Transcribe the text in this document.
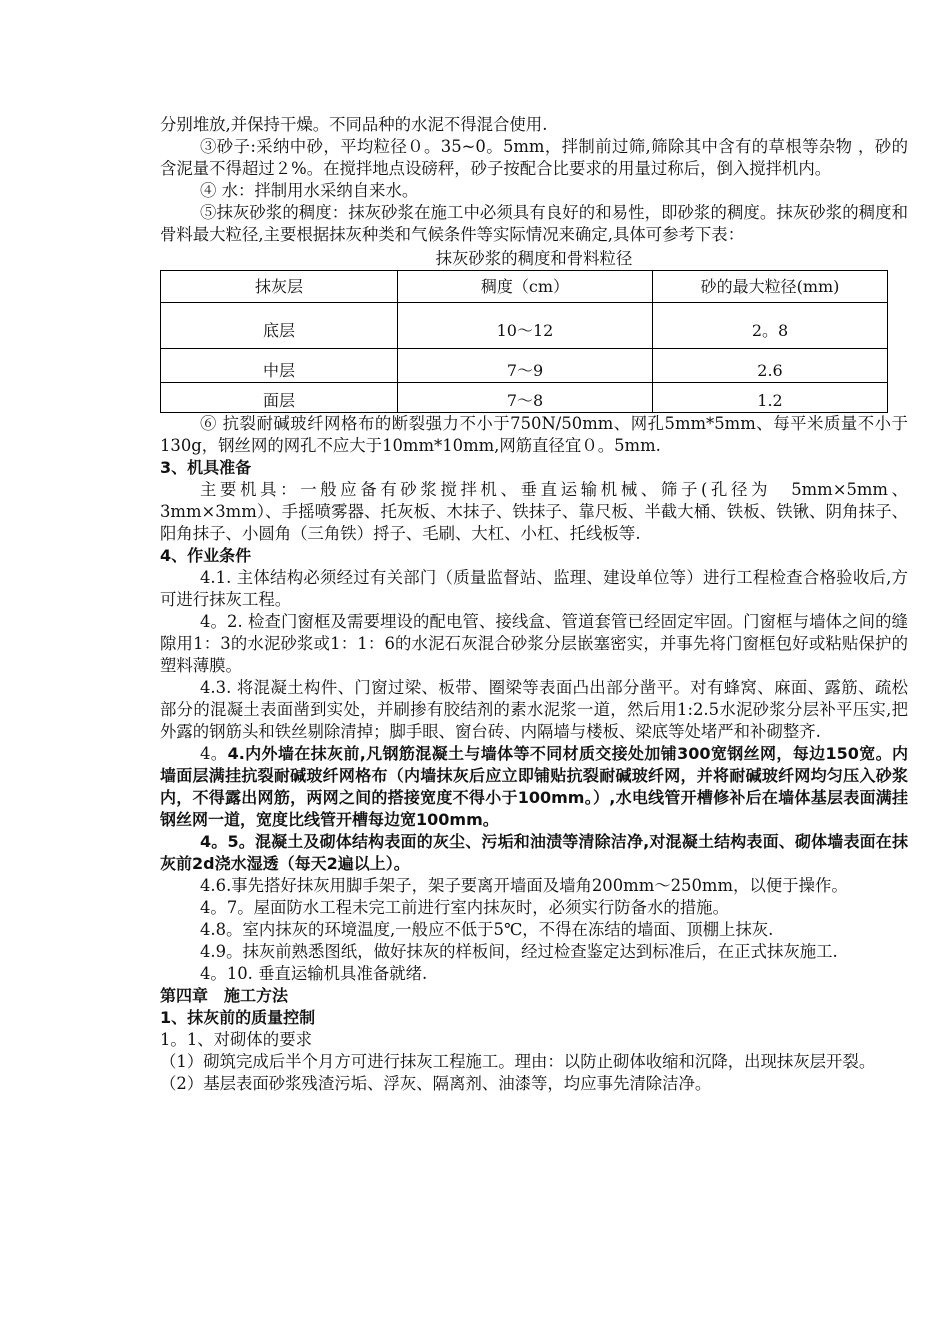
分别堆放,并保持干燥。不同品种的水泥不得混合使用.

③砂子:采纳中砂，平均粒径０。35~0。5mm，拌制前过筛,筛除其中含有的草根等杂物 ，砂的含泥量不得超过２%。在搅拌地点设磅秤，砂子按配合比要求的用量过称后，倒入搅拌机内。

④ 水：拌制用水采纳自来水。

⑤抹灰砂浆的稠度：抹灰砂浆在施工中必须具有良好的和易性，即砂浆的稠度。抹灰砂浆的稠度和骨料最大粒径,主要根据抹灰种类和气候条件等实际情况来确定,具体可参考下表：

抹灰砂浆的稠度和骨料粒径

抹灰层	稠度（cm）	砂的最大粒径(mm)
底层	10～12	2。8
中层	7～9	2.6
面层	7～8	1.2

⑥ 抗裂耐碱玻纤网格布的断裂强力不小于750N/50mm、网孔5mm*5mm、每平米质量不小于130g，钢丝网的网孔不应大于10mm*10mm,网筋直径宜０。5mm.

3、机具准备

主要机具：一般应备有砂浆搅拌机、垂直运输机械、筛子(孔径为　5mm×5mm、3mm×3mm）、手摇喷雾器、托灰板、木抹子、铁抹子、靠尺板、半截大桶、铁板、铁锹、阴角抹子、阳角抹子、小圆角（三角铁）捋子、毛刷、大杠、小杠、托线板等.

4、作业条件

4.1. 主体结构必须经过有关部门（质量监督站、监理、建设单位等）进行工程检查合格验收后,方可进行抹灰工程。

4。2. 检查门窗框及需要埋设的配电管、接线盒、管道套管已经固定牢固。门窗框与墙体之间的缝隙用1：3的水泥砂浆或1：1：6的水泥石灰混合砂浆分层嵌塞密实，并事先将门窗框包好或粘贴保护的塑料薄膜。

4.3. 将混凝土构件、门窗过梁、板带、圈梁等表面凸出部分凿平。对有蜂窝、麻面、露筋、疏松部分的混凝土表面凿到实处，并刷掺有胶结剂的素水泥浆一道，然后用1:2.5水泥砂浆分层补平压实,把外露的钢筋头和铁丝剔除清掉；脚手眼、窗台砖、内隔墙与楼板、梁底等处堵严和补砌整齐.

4。4.内外墙在抹灰前,凡钢筋混凝土与墙体等不同材质交接处加铺300宽钢丝网，每边150宽。内墙面层满挂抗裂耐碱玻纤网格布（内墙抹灰后应立即铺贴抗裂耐碱玻纤网，并将耐碱玻纤网均匀压入砂浆内，不得露出网筋，两网之间的搭接宽度不得小于100mm。）,水电线管开槽修补后在墙体基层表面满挂钢丝网一道，宽度比线管开槽每边宽100mm。

4。5。混凝土及砌体结构表面的灰尘、污垢和油渍等清除洁净,对混凝土结构表面、砌体墙表面在抹灰前2d浇水湿透（每天2遍以上）。

4.6.事先搭好抹灰用脚手架子，架子要离开墙面及墙角200mm～250mm，以便于操作。

4。7。屋面防水工程未完工前进行室内抹灰时，必须实行防备水的措施。

4.8。室内抹灰的环境温度,一般应不低于5℃，不得在冻结的墙面、顶棚上抹灰.

4.9。抹灰前熟悉图纸，做好抹灰的样板间，经过检查鉴定达到标准后，在正式抹灰施工.

4。10. 垂直运输机具准备就绪.

第四章　施工方法

1、抹灰前的质量控制

1。1、对砌体的要求

（1）砌筑完成后半个月方可进行抹灰工程施工。理由：以防止砌体收缩和沉降，出现抹灰层开裂。

（2）基层表面砂浆残渣污垢、浮灰、隔离剂、油漆等，均应事先清除洁净。
